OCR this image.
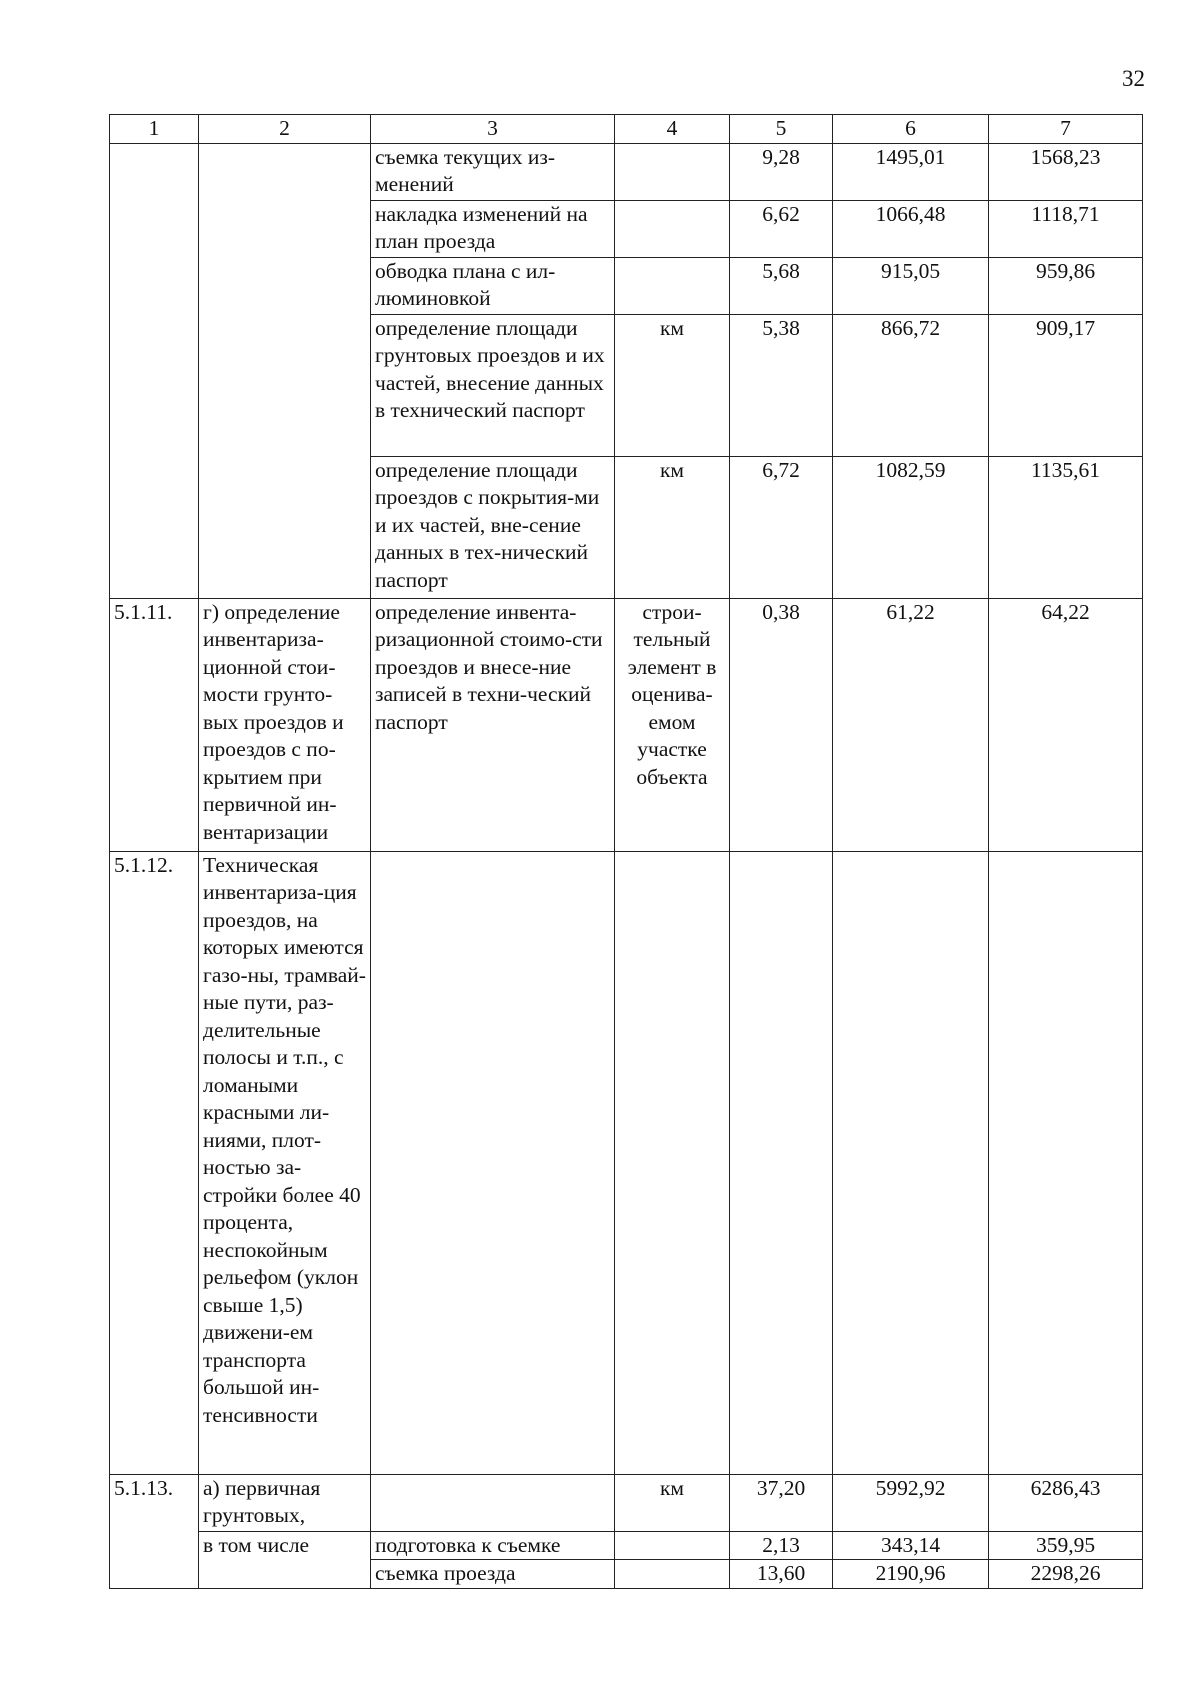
32
1	2	3	4	5	6	7
		съемка текущих из-менений		9,28	1495,01	1568,23
		накладка изменений на план проезда		6,62	1066,48	1118,71
		обводка плана с ил-люминовкой		5,68	915,05	959,86
		определение площади грунтовых проездов и их частей, внесение данных в технический паспорт	км	5,38	866,72	909,17
		определение площади проездов с покрытия-ми и их частей, вне-сение данных в тех-нический паспорт	км	6,72	1082,59	1135,61
5.1.11.	г) определение инвентариза-ционной стои-мости грунто-вых проездов и проездов с по-крытием при первичной ин-вентаризации	определение инвента-ризационной стоимо-сти проездов и внесе-ние записей в техни-ческий паспорт	строи-тельный элемент в оценива-емом участке объекта	0,38	61,22	64,22
5.1.12.	Техническая инвентариза-ция проездов, на которых имеются газо-ны, трамвай-ные пути, раз-делительные полосы и т.п., с ломаными красными ли-ниями, плот-ностью за-стройки более 40 процента, неспокойным рельефом (уклон свыше 1,5) движени-ем транспорта большой ин-тенсивности					
5.1.13.	а) первичная грунтовых,		км	37,20	5992,92	6286,43
	в том числе	подготовка к съемке		2,13	343,14	359,95
		съемка проезда		13,60	2190,96	2298,26
